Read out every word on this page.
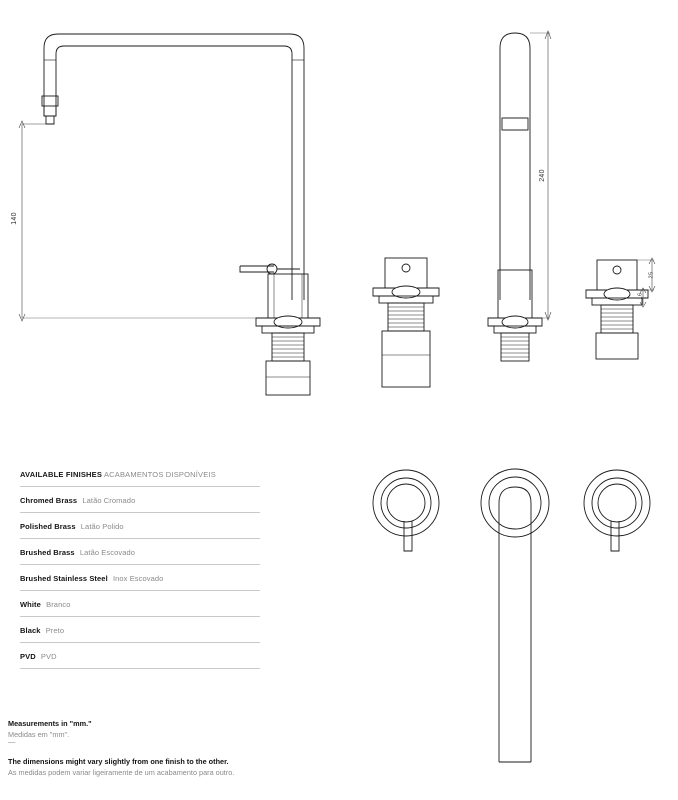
140
240
25
16
AVAILABLE FINISHES ACABAMENTOS DISPONÍVEIS
Chromed Brass Latão Cromado
Polished Brass Latão Polido
Brushed Brass Latão Escovado
Brushed Stainless Steel Inox Escovado
White Branco
Black Preto
PVD PVD
Measurements in "mm."
Medidas em "mm".
—
The dimensions might vary slightly from one finish to the other.
As medidas podem variar ligeiramente de um acabamento para outro.
